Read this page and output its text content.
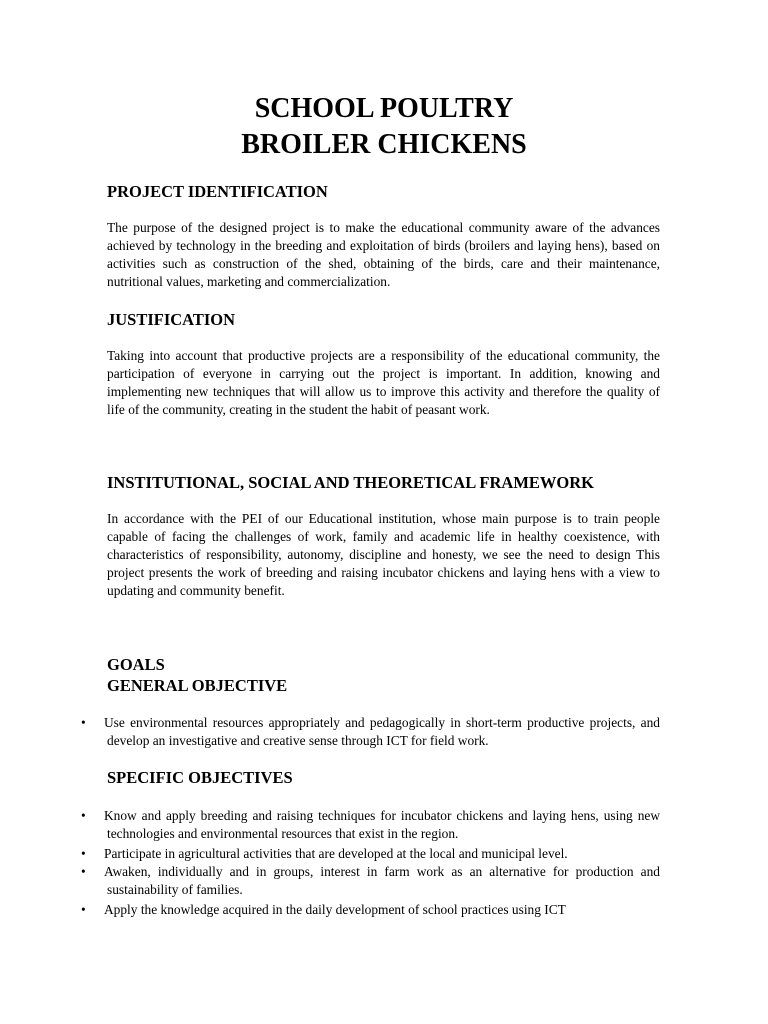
SCHOOL POULTRY
BROILER CHICKENS
PROJECT IDENTIFICATION
The purpose of the designed project is to make the educational community aware of the advances achieved by technology in the breeding and exploitation of birds (broilers and laying hens), based on activities such as construction of the shed, obtaining of the birds, care and their maintenance, nutritional values, marketing and commercialization.
JUSTIFICATION
Taking into account that productive projects are a responsibility of the educational community, the participation of everyone in carrying out the project is important. In addition, knowing and implementing new techniques that will allow us to improve this activity and therefore the quality of life of the community, creating in the student the habit of peasant work.
INSTITUTIONAL, SOCIAL AND THEORETICAL FRAMEWORK
In accordance with the PEI of our Educational institution, whose main purpose is to train people capable of facing the challenges of work, family and academic life in healthy coexistence, with characteristics of responsibility, autonomy, discipline and honesty, we see the need to design This project presents the work of breeding and raising incubator chickens and laying hens with a view to updating and community benefit.
GOALS
GENERAL OBJECTIVE
• Use environmental resources appropriately and pedagogically in short-term productive projects, and develop an investigative and creative sense through ICT for field work.
SPECIFIC OBJECTIVES
• Know and apply breeding and raising techniques for incubator chickens and laying hens, using new technologies and environmental resources that exist in the region.
• Participate in agricultural activities that are developed at the local and municipal level.
• Awaken, individually and in groups, interest in farm work as an alternative for production and sustainability of families.
• Apply the knowledge acquired in the daily development of school practices using ICT
